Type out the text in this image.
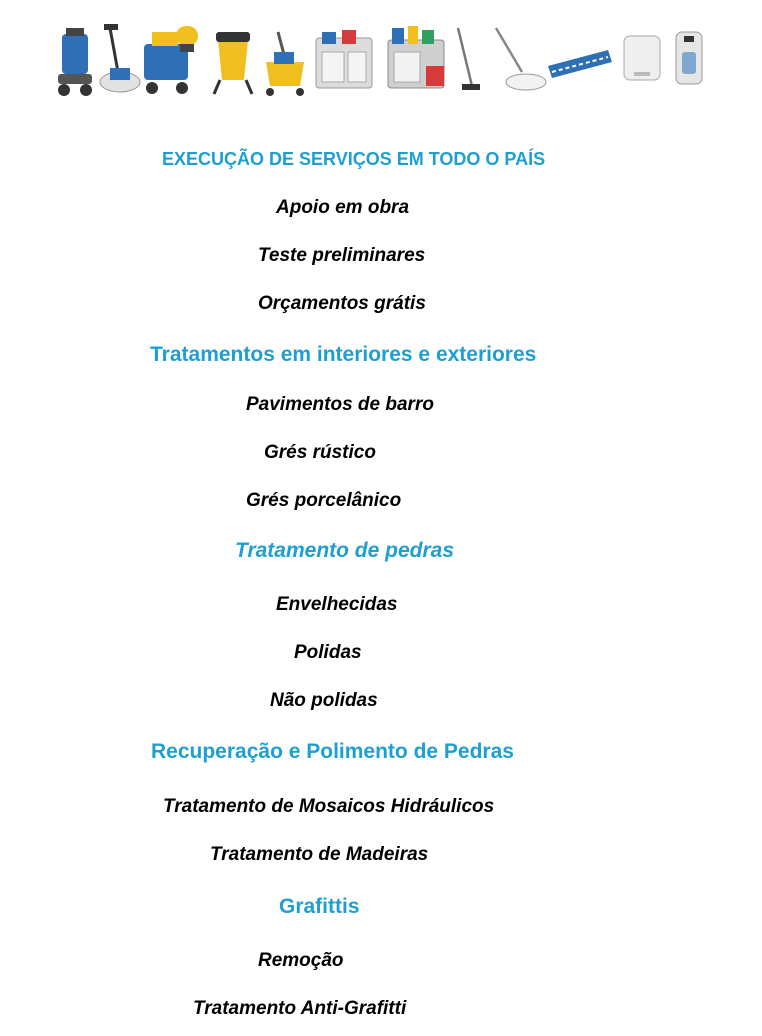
EXECUÇÃO DE SERVIÇOS EM TODO O PAÍS
Apoio em obra
Teste preliminares
Orçamentos grátis
Tratamentos em interiores e exteriores
Pavimentos de barro
Grés rústico
Grés porcelânico
Tratamento de pedras
Envelhecidas
Polidas
Não polidas
Recuperação e Polimento de Pedras
Tratamento de Mosaicos Hidráulicos
Tratamento de Madeiras
Grafittis
Remoção
Tratamento Anti-Grafitti
